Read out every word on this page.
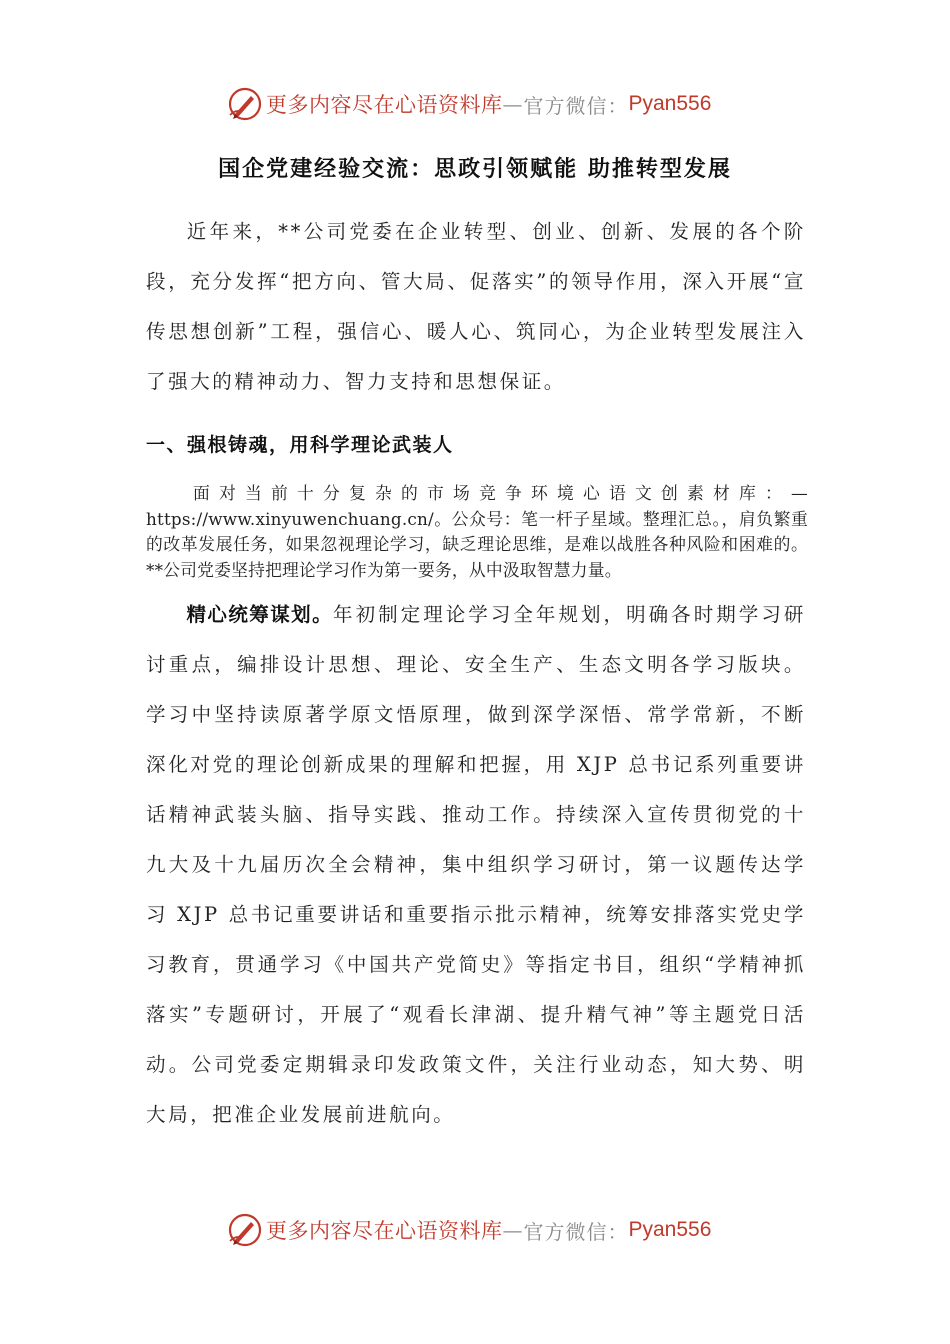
更多内容尽在心语资料库 — 官方微信： Pyan556
国企党建经验交流：思政引领赋能 助推转型发展

近年来，**公司党委在企业转型、创业、创新、发展的各个阶段，充分发挥“把方向、管大局、促落实”的领导作用，深入开展“宣传思想创新”工程，强信心、暖人心、筑同心，为企业转型发展注入了强大的精神动力、智力支持和思想保证。

一、强根铸魂，用科学理论武装人

面对当前十分复杂的市场竞争环境心语文创素材库：—https://www.xinyuwenchuang.cn/。公众号：笔一杆子星域。整理汇总。，肩负繁重的改革发展任务，如果忽视理论学习，缺乏理论思维，是难以战胜各种风险和困难的。**公司党委坚持把理论学习作为第一要务，从中汲取智慧力量。

精心统筹谋划。年初制定理论学习全年规划，明确各时期学习研讨重点，编排设计思想、理论、安全生产、生态文明各学习版块。学习中坚持读原著学原文悟原理，做到深学深悟、常学常新，不断深化对党的理论创新成果的理解和把握，用 XJP 总书记系列重要讲话精神武装头脑、指导实践、推动工作。持续深入宣传贯彻党的十九大及十九届历次全会精神，集中组织学习研讨，第一议题传达学习 XJP 总书记重要讲话和重要指示批示精神，统筹安排落实党史学习教育，贯通学习《中国共产党简史》等指定书目，组织“学精神抓落实”专题研讨，开展了“观看长津湖、提升精气神”等主题党日活动。公司党委定期辑录印发政策文件，关注行业动态，知大势、明大局，把准企业发展前进航向。

更多内容尽在心语资料库 — 官方微信： Pyan556
